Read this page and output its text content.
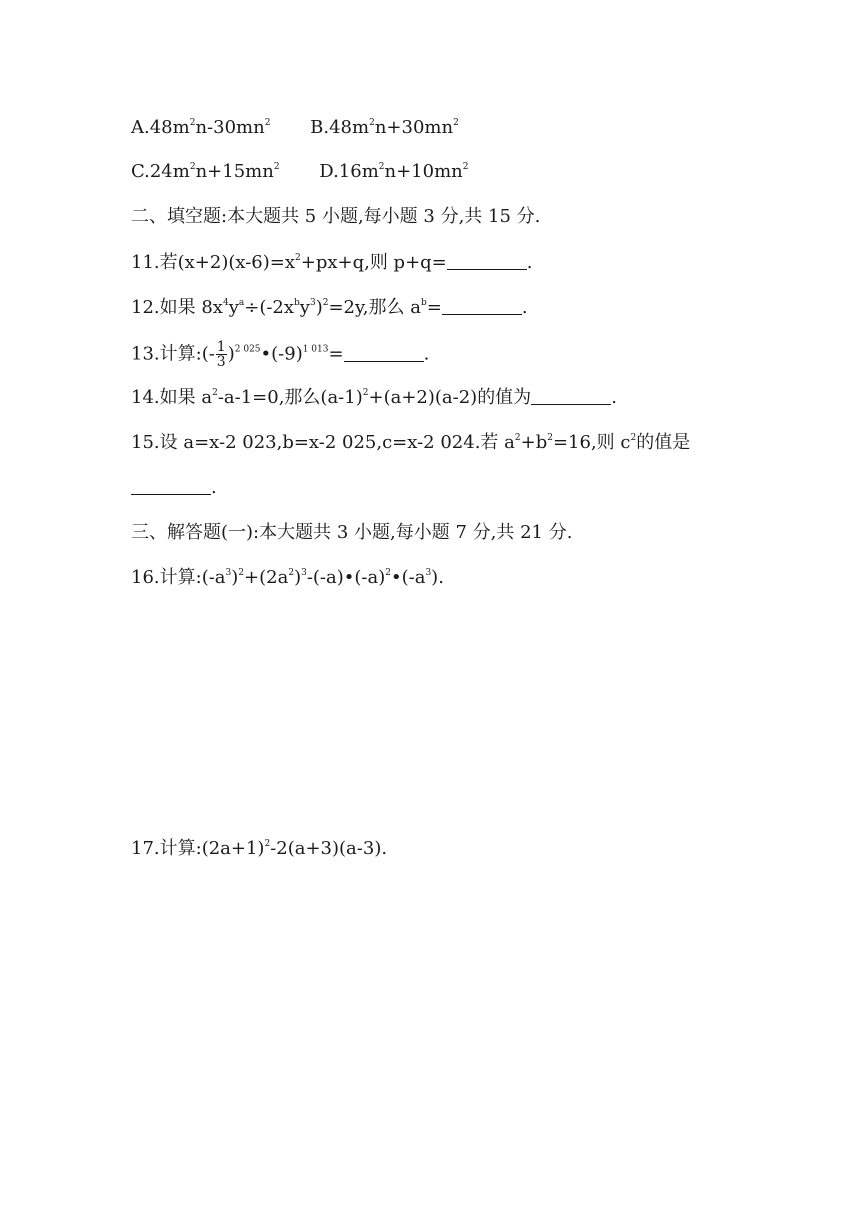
$A.48m^2n-30mn^2$ $B.48m^2n+30mn^2$
$C.24m^2n+15mn^2$ $D.16m^2n+10mn^2$
二、填空题:本大题共 5 小题,每小题 3 分,共 15 分.
11.若$(x+2)(x-6)=x^2+px+q$,则 p+q=	.
12.如果 $8x^4y^a\div(-2x^by^3)^2=2y$,那么 $a^b=$	.
13.计算:(- $\frac{1}{3}$ )$^{2 025}•(-9)^{1 013}=$	.
14.如果 $a^2-a-1=0$,那么$(a-1)^2+(a+2)(a-2)$的值为	.
15.设 a=x-2 023,b=x-2 025,c=x-2 024.若 $a^2+b^2=16$,则 $c^2$的值是
.
三、解答题(一):本大题共 3 小题,每小题 7 分,共 21 分.
16.计算$:(-a^3)^2+(2a^2)^3-(-a)•(-a)^2•(-a^3)$.
17.计算$:(2a+1)^2-2(a+3)(a-3)$.
